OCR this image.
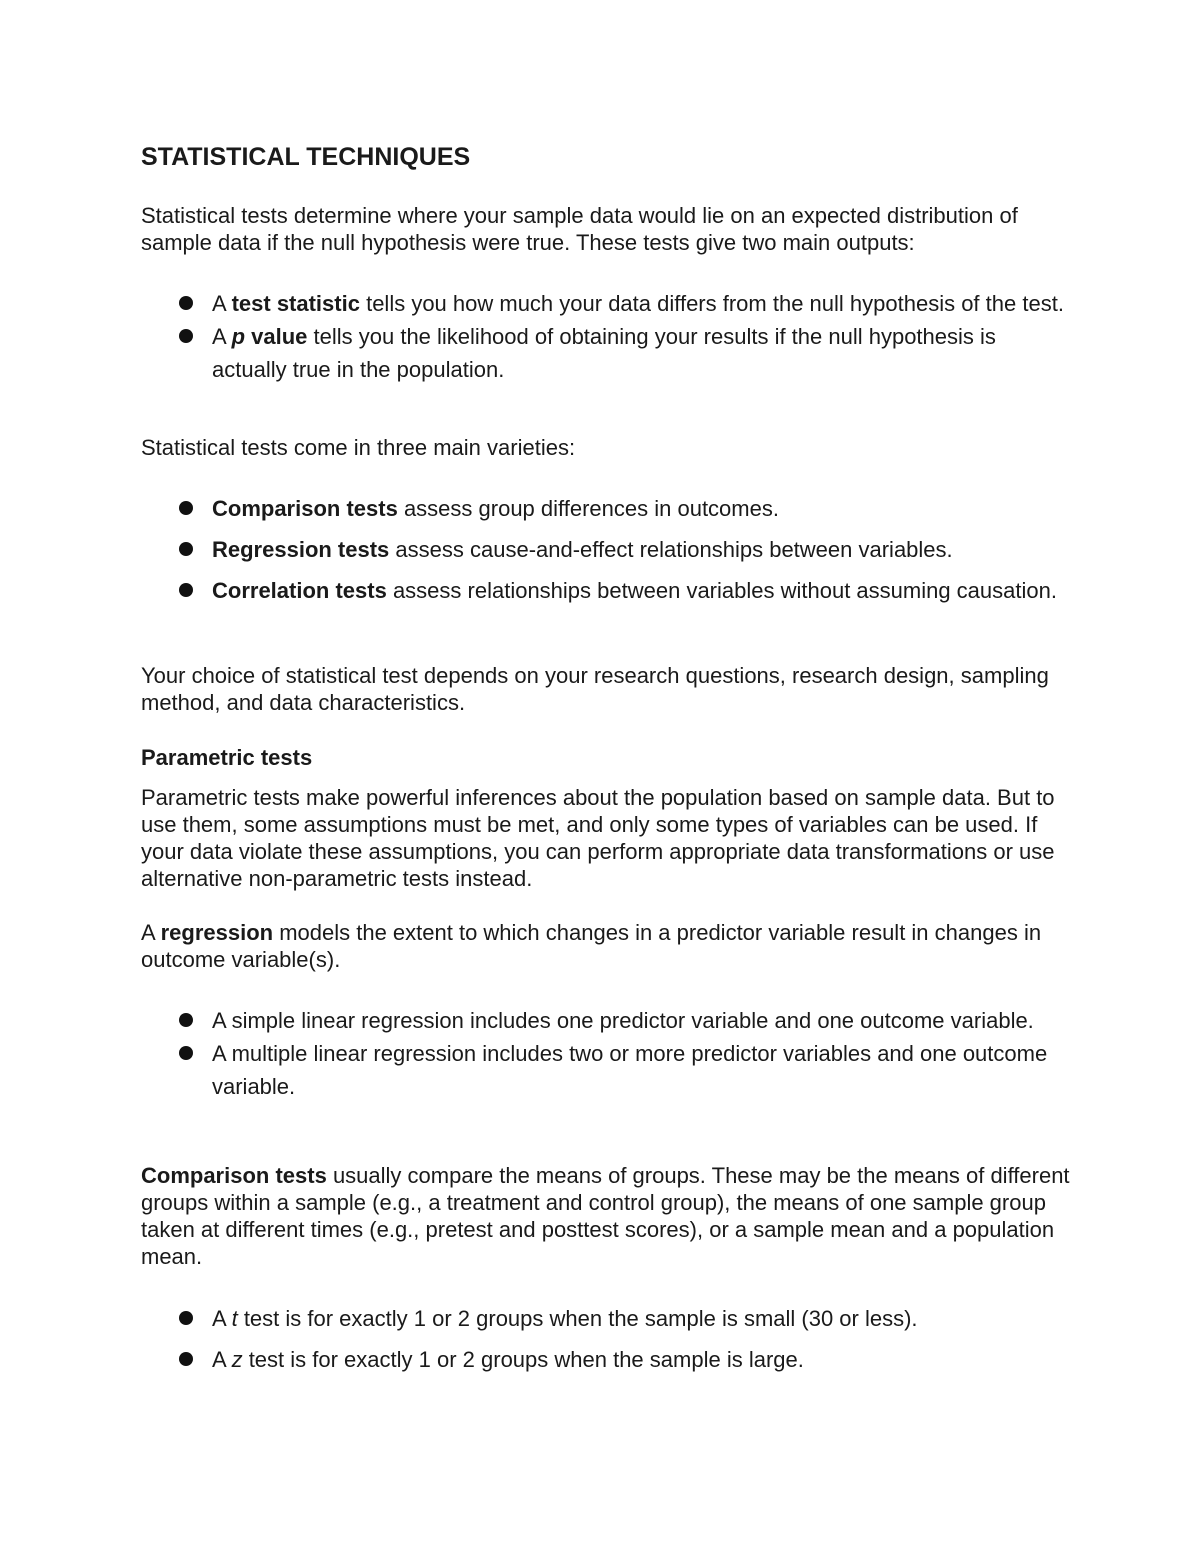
STATISTICAL TECHNIQUES

Statistical tests determine where your sample data would lie on an expected distribution of sample data if the null hypothesis were true. These tests give two main outputs:

A test statistic tells you how much your data differs from the null hypothesis of the test.
A p value tells you the likelihood of obtaining your results if the null hypothesis is actually true in the population.

Statistical tests come in three main varieties:

Comparison tests assess group differences in outcomes.
Regression tests assess cause-and-effect relationships between variables.
Correlation tests assess relationships between variables without assuming causation.

Your choice of statistical test depends on your research questions, research design, sampling method, and data characteristics.

Parametric tests

Parametric tests make powerful inferences about the population based on sample data. But to use them, some assumptions must be met, and only some types of variables can be used. If your data violate these assumptions, you can perform appropriate data transformations or use alternative non-parametric tests instead.

A regression models the extent to which changes in a predictor variable result in changes in outcome variable(s).

A simple linear regression includes one predictor variable and one outcome variable.
A multiple linear regression includes two or more predictor variables and one outcome variable.

Comparison tests usually compare the means of groups. These may be the means of different groups within a sample (e.g., a treatment and control group), the means of one sample group taken at different times (e.g., pretest and posttest scores), or a sample mean and a population mean.

A t test is for exactly 1 or 2 groups when the sample is small (30 or less).
A z test is for exactly 1 or 2 groups when the sample is large.
